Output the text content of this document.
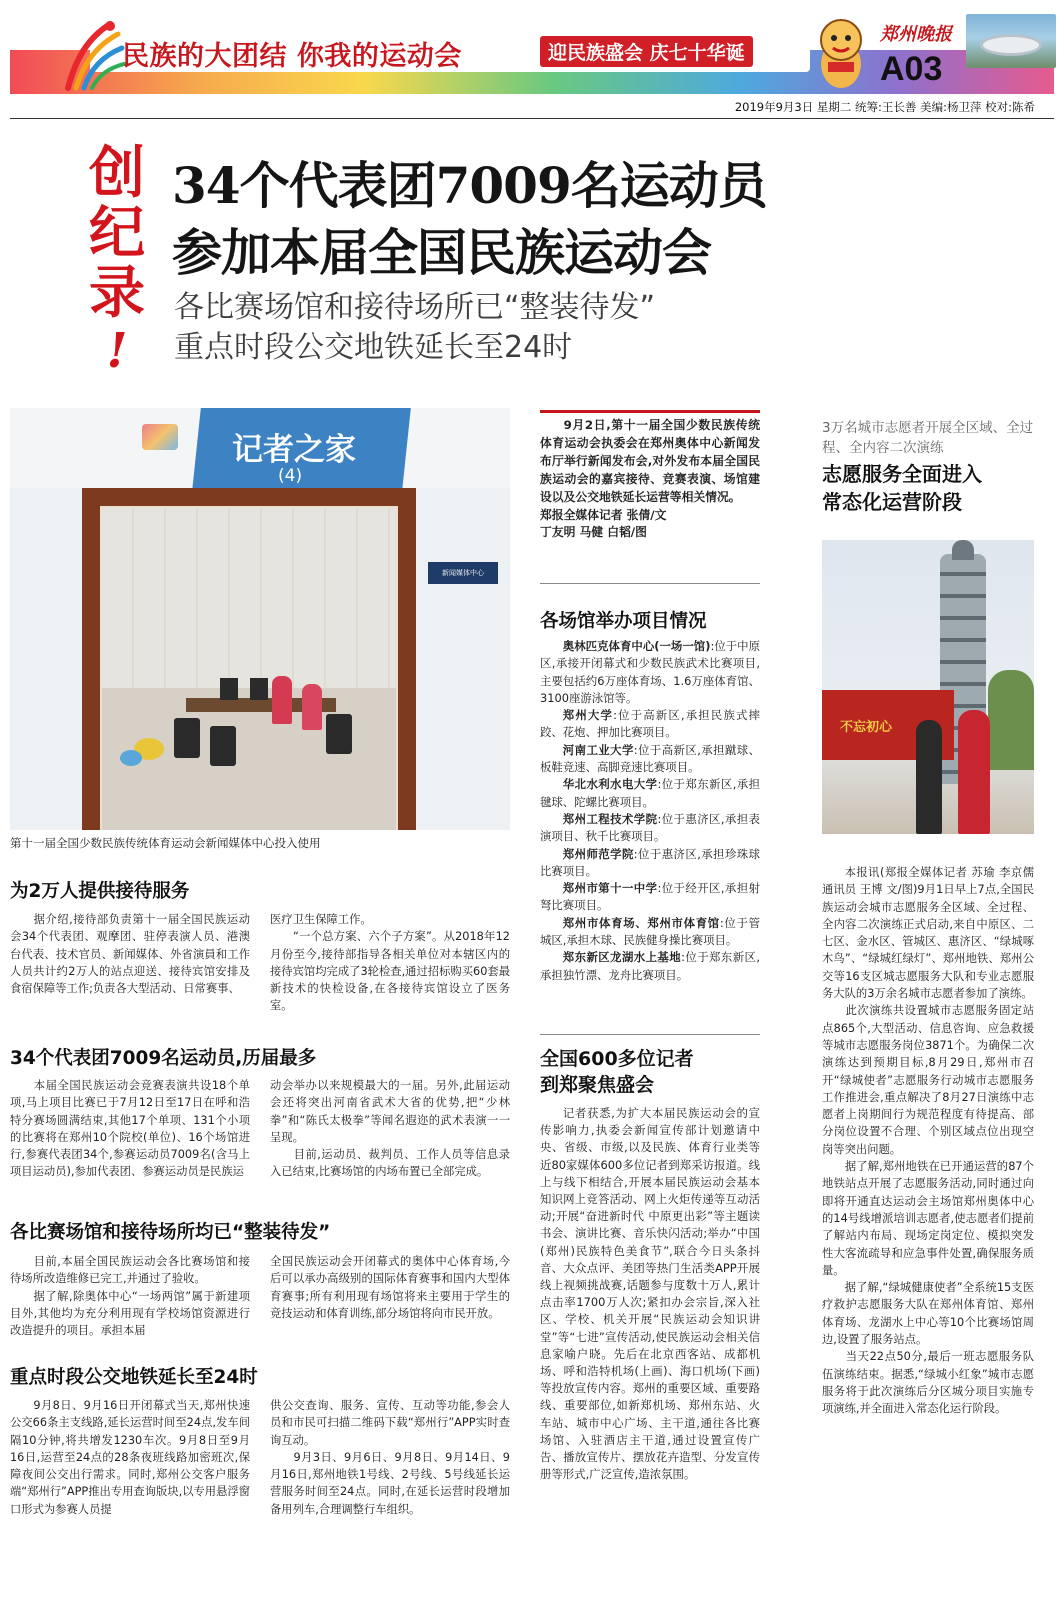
民族的大团结 你我的运动会	迎民族盛会 庆七十华诞
郑州晚报
A03
2019年9月3日 星期二 统筹:王长善 美编:杨卫萍 校对:陈希
创
纪
录
!
34个代表团7009名运动员
参加本届全国民族运动会
各比赛场馆和接待场所已“整装待发”
重点时段公交地铁延长至24时
记者之家
(4)
新闻媒体中心
第十一届全国少数民族传统体育运动会新闻媒体中心投入使用
9月2日,第十一届全国少数民族传统体育运动会执委会在郑州奥体中心新闻发布厅举行新闻发布会,对外发布本届全国民族运动会的嘉宾接待、竞赛表演、场馆建设以及公交地铁延长运营等相关情况。
郑报全媒体记者 张倩/文
丁友明 马健 白韬/图
各场馆举办项目情况
奥林匹克体育中心(一场一馆):位于中原区,承接开闭幕式和少数民族武术比赛项目,主要包括约6万座体育场、1.6万座体育馆、3100座游泳馆等。
郑州大学:位于高新区,承担民族式摔跤、花炮、押加比赛项目。
河南工业大学:位于高新区,承担蹴球、板鞋竞速、高脚竞速比赛项目。
华北水利水电大学:位于郑东新区,承担毽球、陀螺比赛项目。
郑州工程技术学院:位于惠济区,承担表演项目、秋千比赛项目。
郑州师范学院:位于惠济区,承担珍珠球比赛项目。
郑州市第十一中学:位于经开区,承担射弩比赛项目。
郑州市体育场、郑州市体育馆:位于管城区,承担木球、民族健身操比赛项目。
郑东新区龙湖水上基地:位于郑东新区,承担独竹漂、龙舟比赛项目。
全国600多位记者
到郑聚焦盛会
记者获悉,为扩大本届民族运动会的宣传影响力,执委会新闻宣传部计划邀请中央、省级、市级,以及民族、体育行业类等近80家媒体600多位记者到郑采访报道。线上与线下相结合,开展本届民族运动会基本知识网上竞答活动、网上火炬传递等互动活动;开展“奋进新时代 中原更出彩”等主题读书会、演讲比赛、音乐快闪活动;举办“中国(郑州)民族特色美食节”,联合今日头条抖音、大众点评、美团等热门生活类APP开展线上视频挑战赛,话题参与度数十万人,累计点击率1700万人次;紧扣办会宗旨,深入社区、学校、机关开展“民族运动会知识讲堂”等“七进”宣传活动,使民族运动会相关信息家喻户晓。先后在北京西客站、成都机场、呼和浩特机场(上画)、海口机场(下画)等投放宣传内容。郑州的重要区域、重要路线、重要部位,如新郑机场、郑州东站、火车站、城市中心广场、主干道,通往各比赛场馆、入驻酒店主干道,通过设置宣传广告、播放宣传片、摆放花卉造型、分发宣传册等形式,广泛宣传,造浓氛围。
3万名城市志愿者开展全区域、全过程、全内容二次演练
志愿服务全面进入
常态化运营阶段
不忘初心
本报讯(郑报全媒体记者 苏瑜 李京儒 通讯员 王博 文/图)9月1日早上7点,全国民族运动会城市志愿服务全区域、全过程、全内容二次演练正式启动,来自中原区、二七区、金水区、管城区、惠济区、“绿城啄木鸟”、“绿城红绿灯”、郑州地铁、郑州公交等16支区城志愿服务大队和专业志愿服务大队的3万余名城市志愿者参加了演练。
　　此次演练共设置城市志愿服务固定站点865个,大型活动、信息咨询、应急救援等城市志愿服务岗位3871个。为确保二次演练达到预期目标,8月29日,郑州市召开“绿城使者”志愿服务行动城市志愿服务工作推进会,重点解决了8月27日演练中志愿者上岗期间行为规范程度有待提高、部分岗位设置不合理、个别区域点位出现空岗等突出问题。
　　据了解,郑州地铁在已开通运营的87个地铁站点开展了志愿服务活动,同时通过向即将开通直达运动会主场馆郑州奥体中心的14号线增派培训志愿者,使志愿者们提前了解站内布局、现场定岗定位、模拟突发性大客流疏导和应急事件处置,确保服务质量。
　　据了解,“绿城健康使者”全系统15支医疗救护志愿服务大队在郑州体育馆、郑州体育场、龙湖水上中心等10个比赛场馆周边,设置了服务站点。
　　当天22点50分,最后一班志愿服务队伍演练结束。据悉,“绿城小红象”城市志愿服务将于此次演练后分区城分项目实施专项演练,并全面进入常态化运行阶段。
为2万人提供接待服务
　　据介绍,接待部负责第十一届全国民族运动会34个代表团、观摩团、驻停表演人员、港澳台代表、技术官员、新闻媒体、外省演員和工作人员共计约2万人的站点迎送、接待宾馆安排及食宿保障等工作;负责各大型活动、日常赛事、
医疗卫生保障工作。
　　“一个总方案、六个子方案”。从2018年12月份至今,接待部指导各相关单位对本辖区内的接待宾馆均完成了3轮检查,通过招标购买60套最新技术的快检设备,在各接待宾馆设立了医务室。
34个代表团7009名运动员,历届最多
　　本届全国民族运动会竞赛表演共设18个单项,马上项目比赛已于7月12日至17日在呼和浩特分赛场圆满结束,其他17个单项、131个小项的比赛将在郑州10个院校(单位)、16个场馆进行,参赛代表团34个,参赛运动员7009名(含马上项目运动员),参加代表团、参赛运动员是民族运
动会举办以来规模最大的一届。另外,此届运动会还将突出河南省武术大省的优势,把“少林拳”和“陈氏太极拳”等闻名遐迩的武术表演一一呈现。
　　目前,运动员、裁判员、工作人员等信息录入已结束,比赛场馆的内场布置已全部完成。
各比赛场馆和接待场所均已“整装待发”
　　目前,本届全国民族运动会各比赛场馆和接待场所改造维修已完工,并通过了验收。
　　据了解,除奥体中心“一场两馆”属于新建项目外,其他均为充分利用现有学校场馆资源进行改造提升的项目。承担本届
全国民族运动会开闭幕式的奥体中心体育场,今后可以承办高级别的国际体育赛事和国内大型体育赛事;所有利用现有场馆将来主要用于学生的竞技运动和体育训练,部分场馆将向市民开放。
重点时段公交地铁延长至24时
　　9月8日、9月16日开闭幕式当天,郑州快速公交66条主支线路,延长运营时间至24点,发车间隔10分钟,将共增发1230车次。9月8日至9月16日,运营至24点的28条夜班线路加密班次,保障夜间公交出行需求。同时,郑州公交客户服务端“郑州行”APP推出专用查询版块,以专用悬浮窗口形式为参赛人员提
供公交查询、服务、宣传、互动等功能,参会人员和市民可扫描二维码下载“郑州行”APP实时查询互动。
　　9月3日、9月6日、9月8日、9月14日、9月16日,郑州地铁1号线、2号线、5号线延长运营服务时间至24点。同时,在延长运营时段增加备用列车,合理调整行车组织。
